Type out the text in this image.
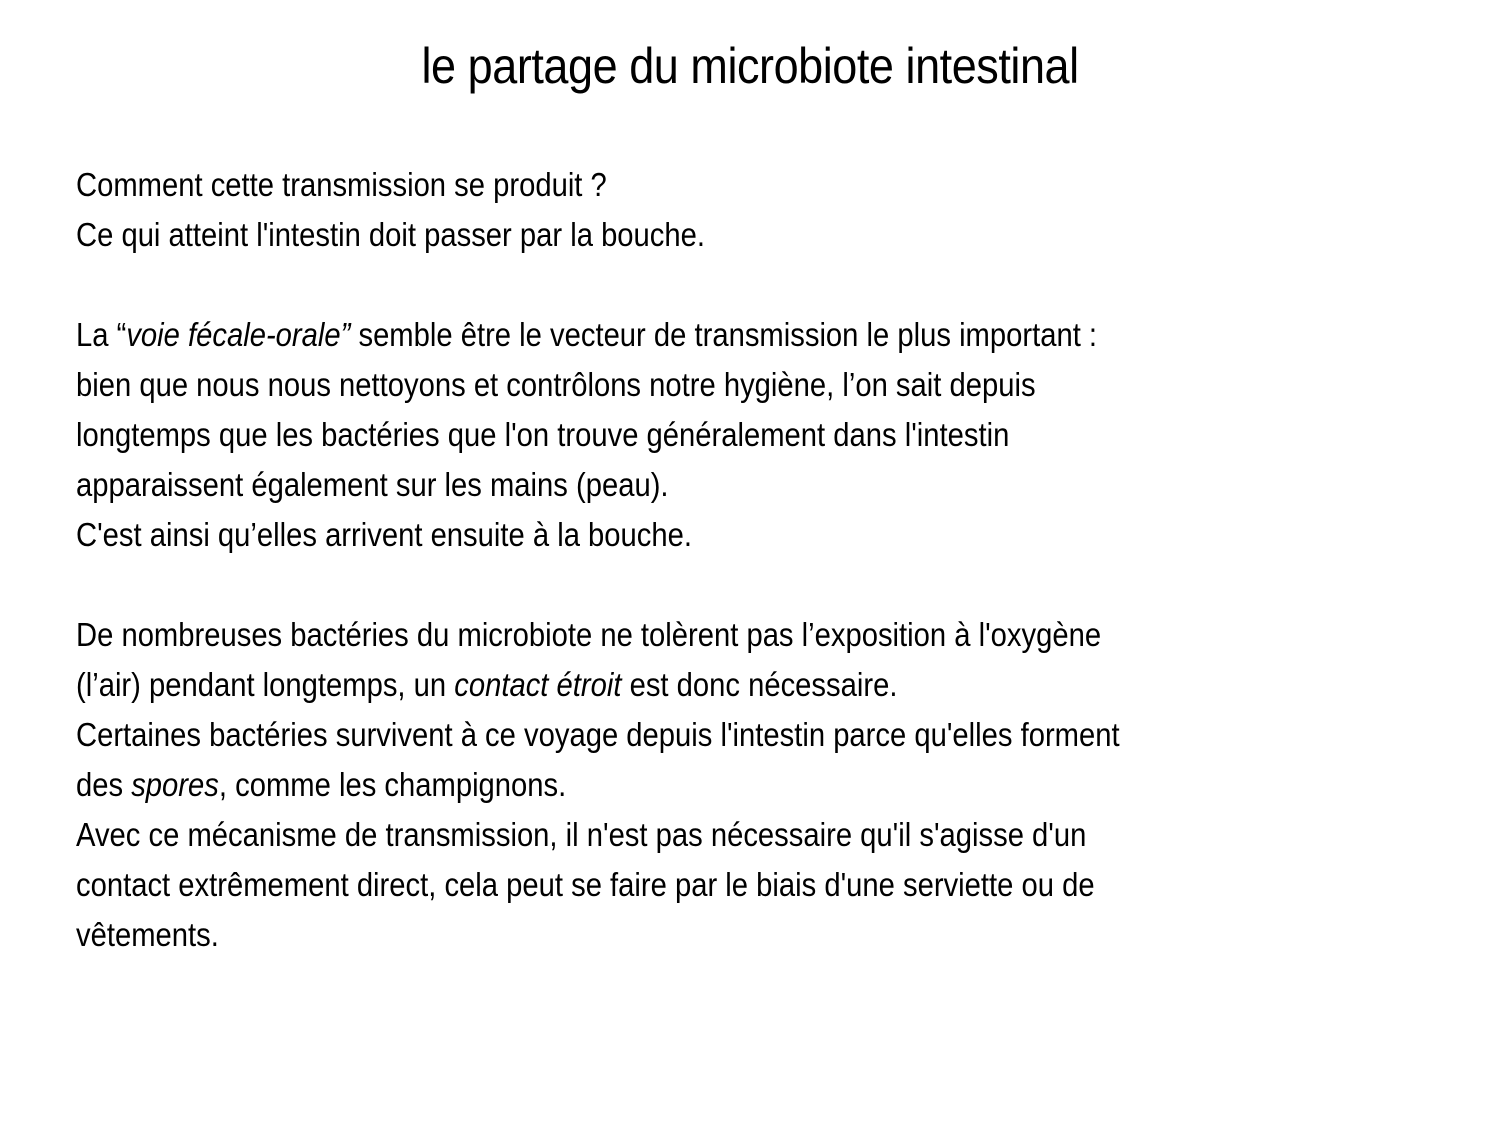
le partage du microbiote intestinal
Comment cette transmission se produit ?
Ce qui atteint l'intestin doit passer par la bouche.
La “voie fécale-orale” semble être le vecteur de transmission le plus important :
bien que nous nous nettoyons et contrôlons notre hygiène, l’on sait depuis
longtemps que les bactéries que l'on trouve généralement dans l'intestin
apparaissent également sur les mains (peau).
C'est ainsi qu’elles arrivent ensuite à la bouche.
De nombreuses bactéries du microbiote ne tolèrent pas l’exposition à l'oxygène
(l’air) pendant longtemps, un contact étroit est donc nécessaire.
Certaines bactéries survivent à ce voyage depuis l'intestin parce qu'elles forment
des spores, comme les champignons.
Avec ce mécanisme de transmission, il n'est pas nécessaire qu'il s'agisse d'un
contact extrêmement direct, cela peut se faire par le biais d'une serviette ou de
vêtements.
